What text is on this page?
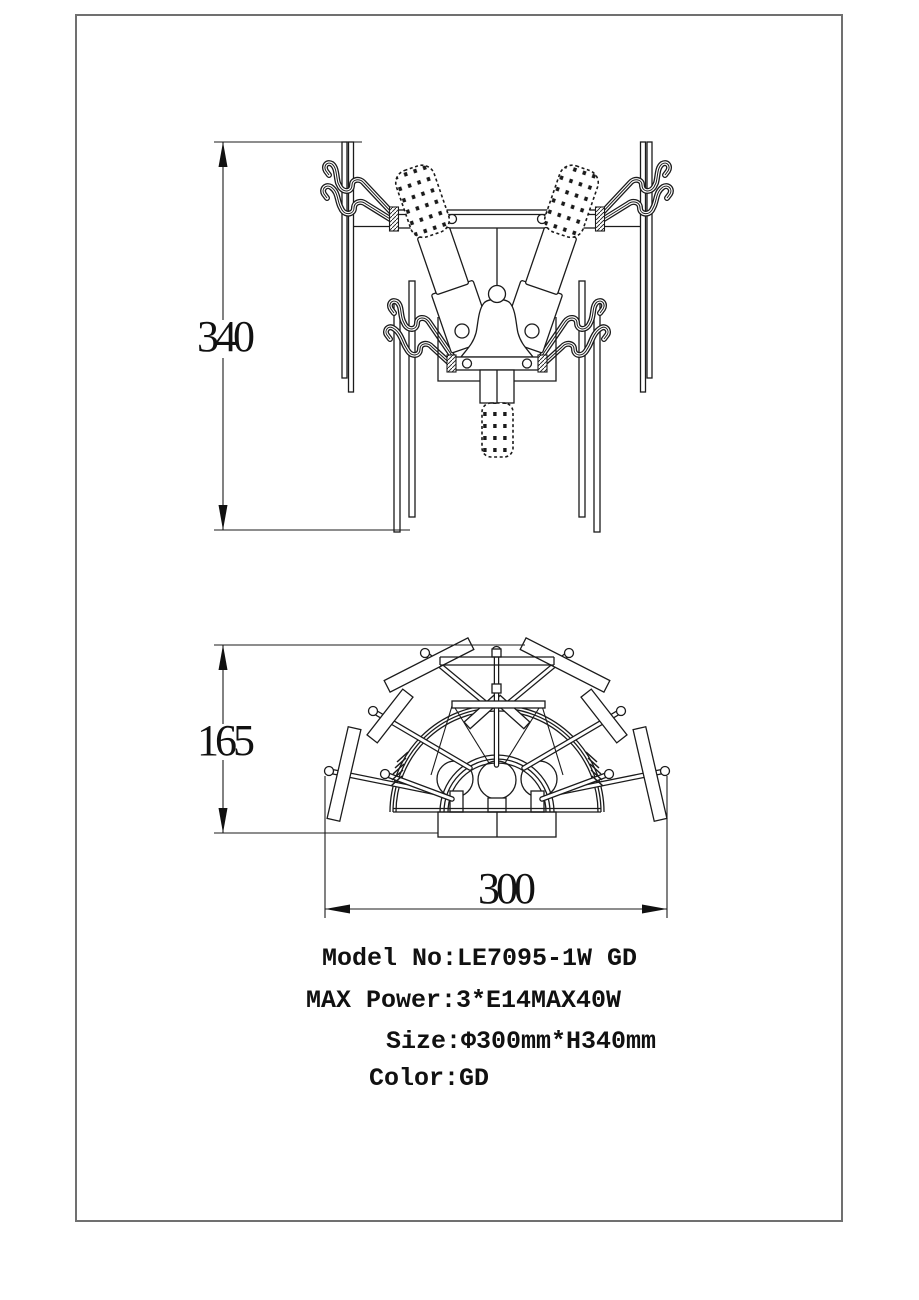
340
165
300
Model No:LE7095-1W GD
MAX Power:3*E14MAX40W
Size:Φ300mm*H340mm
Color:GD
